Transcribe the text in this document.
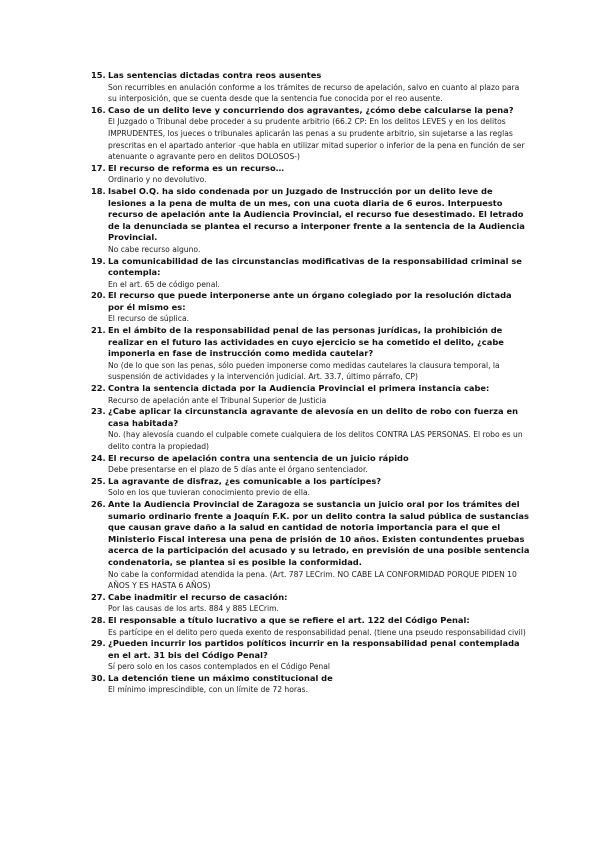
15. Las sentencias dictadas contra reos ausentes
Son recurribles en anulación conforme a los trámites de recurso de apelación, salvo en cuanto al plazo para su interposición, que se cuenta desde que la sentencia fue conocida por el reo ausente.
16. Caso de un delito leve y concurriendo dos agravantes, ¿cómo debe calcularse la pena?
El Juzgado o Tribunal debe proceder a su prudente arbitrio (66.2 CP: En los delitos LEVES y en los delitos IMPRUDENTES, los jueces o tribunales aplicarán las penas a su prudente arbitrio, sin sujetarse a las reglas prescritas en el apartado anterior -que habla en utilizar mitad superior o inferior de la pena en función de ser atenuante o agravante pero en delitos DOLOSOS-)
17. El recurso de reforma es un recurso…
Ordinario y no devolutivo.
18. Isabel O.Q. ha sido condenada por un Juzgado de Instrucción por un delito leve de lesiones a la pena de multa de un mes, con una cuota diaria de 6 euros. Interpuesto recurso de apelación ante la Audiencia Provincial, el recurso fue desestimado. El letrado de la denunciada se plantea el recurso a interponer frente a la sentencia de la Audiencia Provincial.
No cabe recurso alguno.
19. La comunicabilidad de las circunstancias modificativas de la responsabilidad criminal se contempla:
En el art. 65 de código penal.
20. El recurso que puede interponerse ante un órgano colegiado por la resolución dictada por él mismo es:
El recurso de súplica.
21. En el ámbito de la responsabilidad penal de las personas jurídicas, la prohibición de realizar en el futuro las actividades en cuyo ejercicio se ha cometido el delito, ¿cabe imponerla en fase de instrucción como medida cautelar?
No (de lo que son las penas, sólo pueden imponerse como medidas cautelares la clausura temporal, la suspensión de actividades y la intervención judicial. Art. 33.7, último párrafo, CP)
22. Contra la sentencia dictada por la Audiencia Provincial el primera instancia cabe:
Recurso de apelación ante el Tribunal Superior de Justicia
23. ¿Cabe aplicar la circunstancia agravante de alevosía en un delito de robo con fuerza en casa habitada?
No. (hay alevosía cuando el culpable comete cualquiera de los delitos CONTRA LAS PERSONAS. El robo es un delito contra la propiedad)
24. El recurso de apelación contra una sentencia de un juicio rápido
Debe presentarse en el plazo de 5 días ante el órgano sentenciador.
25. La agravante de disfraz, ¿es comunicable a los partícipes?
Solo en los que tuvieran conocimiento previo de ella.
26. Ante la Audiencia Provincial de Zaragoza se sustancia un juicio oral por los trámites del sumario ordinario frente a Joaquín F.K. por un delito contra la salud pública de sustancias que causan grave daño a la salud en cantidad de notoria importancia para el que el Ministerio Fiscal interesa una pena de prisión de 10 años. Existen contundentes pruebas acerca de la participación del acusado y su letrado, en previsión de una posible sentencia condenatoria, se plantea si es posible la conformidad.
No cabe la conformidad atendida la pena. (Art. 787 LECrim. NO CABE LA CONFORMIDAD PORQUE PIDEN 10 AÑOS Y ES HASTA 6 AÑOS)
27. Cabe inadmitir el recurso de casación:
Por las causas de los arts. 884 y 885 LECrim.
28. El responsable a título lucrativo a que se refiere el art. 122 del Código Penal:
Es partícipe en el delito pero queda exento de responsabilidad penal. (tiene una pseudo responsabilidad civil)
29. ¿Pueden incurrir los partidos políticos incurrir en la responsabilidad penal contemplada en el art. 31 bis del Código Penal?
Sí pero solo en los casos contemplados en el Código Penal
30. La detención tiene un máximo constitucional de
El mínimo imprescindible, con un límite de 72 horas.
